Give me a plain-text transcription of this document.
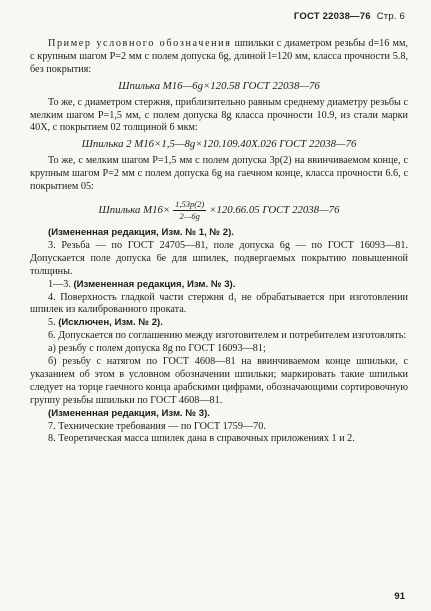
ГОСТ 22038—76 Стр. 6

Пример условного обозначения шпильки с диаметром резьбы d=16 мм, с крупным шагом P=2 мм с полем допуска 6g, длиной l=120 мм, класса прочности 5.8, без покрытия:

Шпилька М16—6g×120.58 ГОСТ 22038—76

То же, с диаметром стержня, приблизительно равным среднему диаметру резьбы с мелким шагом P=1,5 мм, с полем допуска 8g класса прочности 10.9, из стали марки 40Х, с покрытием 02 толщиной 6 мкм:

Шпилька 2 М16×1,5—8g×120.109.40Х.026 ГОСТ 22038—76

То же, с мелким шагом P=1,5 мм с полем допуска 3p(2) на ввинчиваемом конце, с крупным шагом P=2 мм с полем допуска 6g на гаечном конце, класса прочности 6.6, с покрытием 05:

Шпилька $М16\times \frac{1,53p(2)}{2—6g} \times 120.66.05$ ГОСТ 22038—76

(Измененная редакция, Изм. № 1, № 2).

3. Резьба — по ГОСТ 24705—81, поле допуска 6g — по ГОСТ 16093—81. Допускается поле допуска 6e для шпилек, подвергаемых покрытию повышенной толщины.

1—3. (Измененная редакция, Изм. № 3).

4. Поверхность гладкой части стержня d₁ не обрабатывается при изготовлении шпилек из калиброванного проката.

5. (Исключен, Изм. № 2).

6. Допускается по соглашению между изготовителем и потребителем изготовлять:

а) резьбу с полем допуска 8g по ГОСТ 16093—81;

б) резьбу с натягом по ГОСТ 4608—81 на ввинчиваемом конце шпильки, с указанием об этом в условном обозначении шпильки; маркировать такие шпильки следует на торце гаечного конца арабскими цифрами, обозначающими сортировочную группу резьбы шпильки по ГОСТ 4608—81.

(Измененная редакция, Изм. № 3).

7. Технические требования — по ГОСТ 1759—70.

8. Теоретическая масса шпилек дана в справочных приложениях 1 и 2.

91
